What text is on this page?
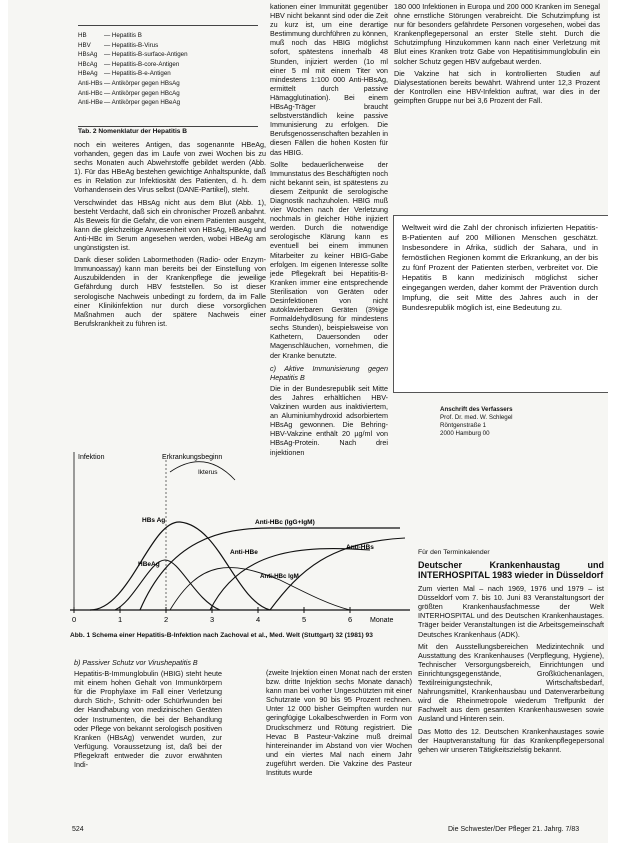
HB	— Hepatitis B
HBV	— Hepatitis-B-Virus
HBsAg	— Hepatitis-B-surface-Antigen
HBcAg	— Hepatitis-B-core-Antigen
HBeAg	— Hepatitis-B-e-Antigen
Anti-HBs — Antikörper gegen HBsAg
Anti-HBc — Antikörper gegen HBcAg
Anti-HBe — Antikörper gegen HBeAg
Tab. 2 Nomenklatur der Hepatitis B

noch ein weiteres Antigen, das sogenannte HBeAg, vorhanden, gegen das im Laufe von zwei Wochen bis zu sechs Monaten auch Abwehrstoffe gebildet werden (Abb. 1). Für das HBeAg bestehen gewichtige Anhaltspunkte, daß es in Relation zur Infektiosität des Patienten, d. h. dem Vorhandensein des Virus selbst (DANE-Partikel), steht.

Verschwindet das HBsAg nicht aus dem Blut (Abb. 1), besteht Verdacht, daß sich ein chronischer Prozeß anbahnt. Als Beweis für die Gefahr, die von einem Patienten ausgeht, kann die gleichzeitige Anwesenheit von HBsAg, HBeAg und Anti-HBc im Serum angesehen werden, wobei HBeAg am ungünstigsten ist.

Dank dieser soliden Labormethoden (Radio- oder Enzym-Immunoassay) kann man bereits bei der Einstellung von Auszubildenden in der Krankenpflege die jeweilige Gefährdung durch HBV feststellen. So ist dieser serologische Nachweis unbedingt zu fordern, da im Falle einer Klinikinfektion nur durch diese vorsorglichen Maßnahmen auch der spätere Nachweis einer Berufskrankheit zu führen ist.

kationen einer Immunität gegenüber HBV nicht bekannt sind oder die Zeit zu kurz ist, um eine derartige Bestimmung durchführen zu können, muß noch das HBIG möglichst sofort, spätestens innerhalb 48 Stunden, injiziert werden (1o ml einer 5 ml mit einem Titer von mindestens 1:100 000 Anti-HBsAg, ermittelt durch passive Hämagglutination). Bei einem HBsAg-Träger braucht selbstverständlich keine passive Immunisierung zu erfolgen. Die Berufsgenossenschaften bezahlen in diesen Fällen die hohen Kosten für das HBIG.

Sollte bedauerlicherweise der Immunstatus des Beschäftigten noch nicht bekannt sein, ist spätestens zu diesem Zeitpunkt die serologische Diagnostik nachzuholen. HBIG muß vier Wochen nach der Verletzung nochmals in gleicher Höhe injiziert werden. Durch die notwendige serologische Klärung kann es eventuell bei einem immunen Mitarbeiter zu keiner HBIG-Gabe erfolgen. Im eigenen Interesse sollte jede Pflegekraft bei Hepatitis-B-Kranken immer eine entsprechende Sterilisation von Geräten oder Desinfektionen von nicht autoklavierbaren Geräten (3%ige Formaldehydlösung für mindestens sechs Stunden), beispielsweise von Kathetern, Dauersonden oder Magenschläuchen, vornehmen, die der Kranke benutzte.

c) Aktive Immunisierung gegen Hepatitis B

Die in der Bundesrepublik seit Mitte des Jahres erhältlichen HBV-Vakzinen wurden aus inaktiviertem, an Aluminiumhydroxid adsorbiertem HBsAg gewonnen. Die Behring-HBV-Vakzine enthält 20 µg/ml von HBsAg-Protein. Nach drei injektionen

180 000 Infektionen in Europa und 200 000 Kranken im Senegal ohne ernstliche Störungen verabreicht. Die Schutzimpfung ist nur für besonders gefährdete Personen vorgesehen, wobei das Krankenpflegepersonal an erster Stelle steht. Durch die Schutzimpfung Hinzukommen kann nach einer Verletzung mit Blut eines Kranken trotz Gabe von Hepatitisimmunglobulin ein solcher Schutz gegen HBV aufgebaut werden.

Die Vakzine hat sich in kontrollierten Studien auf Dialysestationen bereits bewährt. Während unter 12,3 Prozent der Kontrollen eine HBV-Infektion auftrat, war dies in der geimpften Gruppe nur bei 3,6 Prozent der Fall.

Weltweit wird die Zahl der chronisch infizierten Hepatitis-B-Patienten auf 200 Millionen Menschen geschätzt. Insbesondere in Afrika, südlich der Sahara, und in fernöstlichen Regionen kommt die Erkrankung, an der bis zu fünf Prozent der Patienten sterben, verbreitet vor. Die Hepatitis B kann medizinisch möglichst sicher eingegangen werden, daher kommt der Prävention durch Impfung, die seit Mitte des Jahres auch in der Bundesrepublik möglich ist, eine Bedeutung zu.
Anschrift des Verfassers
Prof. Dr. med. W. Schlegel
Röntgenstraße 1
2000 Hamburg 00
Infektion	Erkrankungsbeginn
Ikterus
HBs Ag	Anti-HBc (IgG+IgM)
HBeAg
Anti-HBe
Anti-HBs
Anti-HBc IgM
0	1	2	3	4	5	6	Monate
Abb. 1 Schema einer Hepatitis-B-Infektion nach Zachoval et al., Med. Welt (Stuttgart) 32 (1981) 93
b) Passiver Schutz vor Virushepatitis B

Hepatitis-B-Immunglobulin (HBIG) steht heute mit einem hohen Gehalt von Immunkörpern für die Prophylaxe im Fall einer Verletzung durch Stich-, Schnitt- oder Schürfwunden bei der Handhabung von medizinischen Geräten oder Instrumenten, die bei der Behandlung oder Pflege von bekannt serologisch positiven Kranken (HBsAg) verwendet wurden, zur Verfügung. Voraussetzung ist, daß bei der Pflegekraft entweder die zuvor erwähnten Indi-

(zweite Injektion einen Monat nach der ersten bzw. dritte Injektion sechs Monate danach) kann man bei vorher Ungeschützten mit einer Schutzrate von 90 bis 95 Prozent rechnen. Unter 12 000 bisher Geimpften wurden nur geringfügige Lokalbeschwerden in Form von Druckschmerz und Rötung registriert. Die Hevac B Pasteur-Vakzine muß dreimal hintereinander im Abstand von vier Wochen und ein viertes Mal nach einem Jahr zugeführt werden. Die Vakzine des Pasteur Instituts wurde

Für den Terminkalender
Deutscher Krankenhaustag und INTERHOSPITAL 1983 wieder in Düsseldorf

Zum vierten Mal – nach 1969, 1976 und 1979 – ist Düsseldorf vom 7. bis 10. Juni 83 Veranstaltungsort der größten Krankenhausfachmesse der Welt INTERHOSPITAL und des Deutschen Krankenhaustages. Träger beider Veranstaltungen ist die Arbeitsgemeinschaft Deutsches Krankenhaus (ADK).

Mit den Ausstellungsbereichen Medizintechnik und Ausstattung des Krankenhauses (Verpflegung, Hygiene), Technischer Versorgungsbereich, Einrichtungen und Einrichtungsgegenstände, Großküchenanlagen, Textilreinigungstechnik, Wirtschaftsbedarf, Nahrungsmittel, Krankenhausbau und Datenverarbeitung wird die Rheinmetropole wiederum Treffpunkt der Fachwelt aus dem gesamten Krankenhauswesen sowie Ausland und Hinteren sein.

Das Motto des 12. Deutschen Krankenhaustages sowie der Hauptveranstaltung für das Krankenpflegepersonal gehen wir unseren Tätigkeitszielstig bekannt.

524	Die Schwester/Der Pfleger 21. Jahrg. 7/83
